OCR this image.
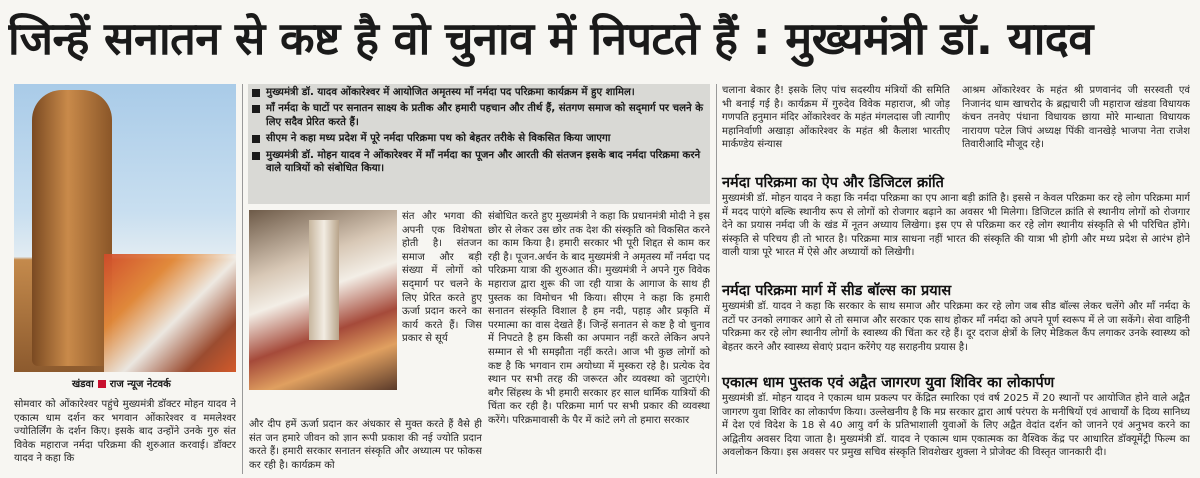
जिन्हें सनातन से कष्ट है वो चुनाव में निपटते हैं : मुख्यमंत्री डॉ. यादव
खंडवा राज न्यूज नेटवर्क
सोमवार को ओंकारेश्वर पहुंचे मुख्यमंत्री डॉक्टर मोहन यादव ने एकात्म धाम दर्शन कर भगवान ओंकारेश्वर व ममलेश्वर ज्योतिर्लिंग के दर्शन किए। इसके बाद उन्होंने उनके गुरु संत विवेक महाराज नर्मदा परिक्रमा की शुरुआत करवाई। डॉक्टर यादव ने कहा कि
मुख्यमंत्री डॉ. यादव ओंकारेश्वर में आयोजित अमृतस्य माँ नर्मदा पद परिक्रमा कार्यक्रम में हुए शामिल।
माँ नर्मदा के घाटों पर सनातन साक्ष्य के प्रतीक और हमारी पहचान और तीर्थ हैं, संतगण समाज को सद्‌मार्ग पर चलने के लिए सदैव प्रेरित करते हैं।
सीएम ने कहा मध्य प्रदेश में पूरे नर्मदा परिक्रमा पथ को बेहतर तरीके से विकसित किया जाएगा
मुख्यमंत्री डॉ. मोहन यादव ने ओंकारेश्वर में माँ नर्मदा का पूजन और आरती की संतजन इसके बाद नर्मदा परिक्रमा करने वाले यात्रियों को संबोधित किया।
संत और भगवा की अपनी एक विशेषता होती है। संतजन समाज और बड़ी संख्या में लोगों को सद्‌मार्ग पर चलने के लिए प्रेरित करते हुए ऊर्जा प्रदान करने का कार्य करते हैं। जिस प्रकार से सूर्य
और दीप हमें ऊर्जा प्रदान कर अंधकार से मुक्त करते हैं वैसे ही संत जन हमारे जीवन को ज्ञान रूपी प्रकाश की नई ज्योति प्रदान करते हैं। हमारी सरकार सनातन संस्कृति और अध्यात्म पर फोकस कर रही है। कार्यक्रम को
संबोधित करते हुए मुख्यमंत्री ने कहा कि प्रधानमंत्री मोदी ने इस छोर से लेकर उस छोर तक देश की संस्कृति को विकसित करने का काम किया है। हमारी सरकार भी पूरी शिद्दत से काम कर रही है। पूजन.अर्चन के बाद मुख्यमंत्री ने अमृतस्य माँ नर्मदा पद परिक्रमा यात्रा की शुरुआत की। मुख्यमंत्री ने अपने गुरु विवेक महाराज द्वारा शुरू की जा रही यात्रा के आगाज के साथ ही पुस्तक का विमोचन भी किया। सीएम ने कहा कि हमारी सनातन संस्कृति विशाल है हम नदी, पहाड़ और प्रकृति में परमात्मा का वास देखते हैं। जिन्हें सनातन से कष्ट है वो चुनाव में निपटते है हम किसी का अपमान नहीं करते लेकिन अपने सम्मान से भी समझौता नहीं करते। आज भी कुछ लोगों को कष्ट है कि भगवान राम अयोध्या में मुस्करा रहे है। प्रत्येक देव स्थान पर सभी तरह की जरूरत और व्यवस्था को जुटाएंगे। बगैर सिंहस्थ के भी हमारी सरकार हर साल धार्मिक यात्रियों की चिंता कर रही है। परिक्रमा मार्ग पर सभी प्रकार की व्यवस्था करेंगे। परिक्रमावासी के पैर में कांटे लगे तो हमारा सरकार
चलाना बेकार है! इसके लिए पांच सदस्यीय मंत्रियों की समिति भी बनाई गई है। कार्यक्रम में गुरुदेव विवेक महाराज, श्री जोड़ गणपति हनुमान मंदिर ओंकारेश्वर के महंत मंगलदास जी त्यागीए महानिर्वाणी अखाड़ा ओंकारेश्वर के महंत श्री कैलाश भारतीए मार्कण्डेय संन्यास
आश्रम ओंकारेश्वर के महंत श्री प्रणवानंद जी सरस्वती एवं निजानंद धाम खाचरोद के ब्रह्मचारी जी महाराज खंडवा विधायक कंचन तनवेए पंधाना विधायक छाया मोरे मान्धाता विधायक नारायण पटेल जिपं अध्यक्ष पिंकी वानखेड़े भाजपा नेता राजेश तिवारीआदि मौजूद रहे।
नर्मदा परिक्रमा का ऐप और डिजिटल क्रांति
मुख्यमंत्री डॉ. मोहन यादव ने कहा कि नर्मदा परिक्रमा का एप आना बड़ी क्रांति है। इससे न केवल परिक्रमा कर रहे लोग परिक्रमा मार्ग में मदद पाएंगे बल्कि स्थानीय रूप से लोगों को रोजगार बढ़ाने का अवसर भी मिलेगा। डिजिटल क्रांति से स्थानीय लोगों को रोजगार देने का प्रयास नर्मदा जी के खंड में नूतन अध्याय लिखेगा। इस एप से परिक्रमा कर रहे लोग स्थानीय संस्कृति से भी परिचित होंगे। संस्कृति से परिचय ही तो भारत है। परिक्रमा मात्र साधना नहीं भारत की संस्कृति की यात्रा भी होगी और मध्य प्रदेश से आरंभ होने वाली यात्रा पूरे भारत में ऐसे और अध्यायों को लिखेगी।
नर्मदा परिक्रमा मार्ग में सीड बॉल्स का प्रयास
मुख्यमंत्री डॉ. यादव ने कहा कि सरकार के साथ समाज और परिक्रमा कर रहे लोग जब सीड बॉल्स लेकर चलेंगे और माँ नर्मदा के तटों पर उनको लगाकर आगे से तो समाज और सरकार एक साथ होकर माँ नर्मदा को अपने पूर्ण स्वरूप में ले जा सकेंगे। सेवा वाहिनी परिक्रमा कर रहे लोग स्थानीय लोगों के स्वास्थ्य की चिंता कर रहे हैं। दूर दराज क्षेत्रों के लिए मेडिकल कैंप लगाकर उनके स्वास्थ्य को बेहतर करने और स्वास्थ्य सेवाएं प्रदान करेंगेए यह सराहनीय प्रयास है।
एकात्म धाम पुस्तक एवं अद्वैत जागरण युवा शिविर का लोकार्पण
मुख्यमंत्री डॉ. मोहन यादव ने एकात्म धाम प्रकल्प पर केंद्रित स्मारिका एवं वर्ष 2025 में 20 स्थानों पर आयोजित होने वाले अद्वैत जागरण युवा शिविर का लोकार्पण किया। उल्लेखनीय है कि मप्र सरकार द्वारा आर्ष परंपरा के मनीषियों एवं आचार्यों के दिव्य सानिध्य में देश एवं विदेश के 18 से 40 आयु वर्ग के प्रतिभाशाली युवाओं के लिए अद्वैत वेदांत दर्शन को जानने एवं अनुभव करने का अद्वितीय अवसर दिया जाता है। मुख्यमंत्री डॉ. यादव ने एकात्म धाम एकात्मक का वैश्विक केंद्र पर आधारित डॉक्यूमेंट्री फिल्म का अवलोकन किया। इस अवसर पर प्रमुख सचिव संस्कृति शिवशेखर शुक्ला ने प्रोजेक्ट की विस्तृत जानकारी दी।
